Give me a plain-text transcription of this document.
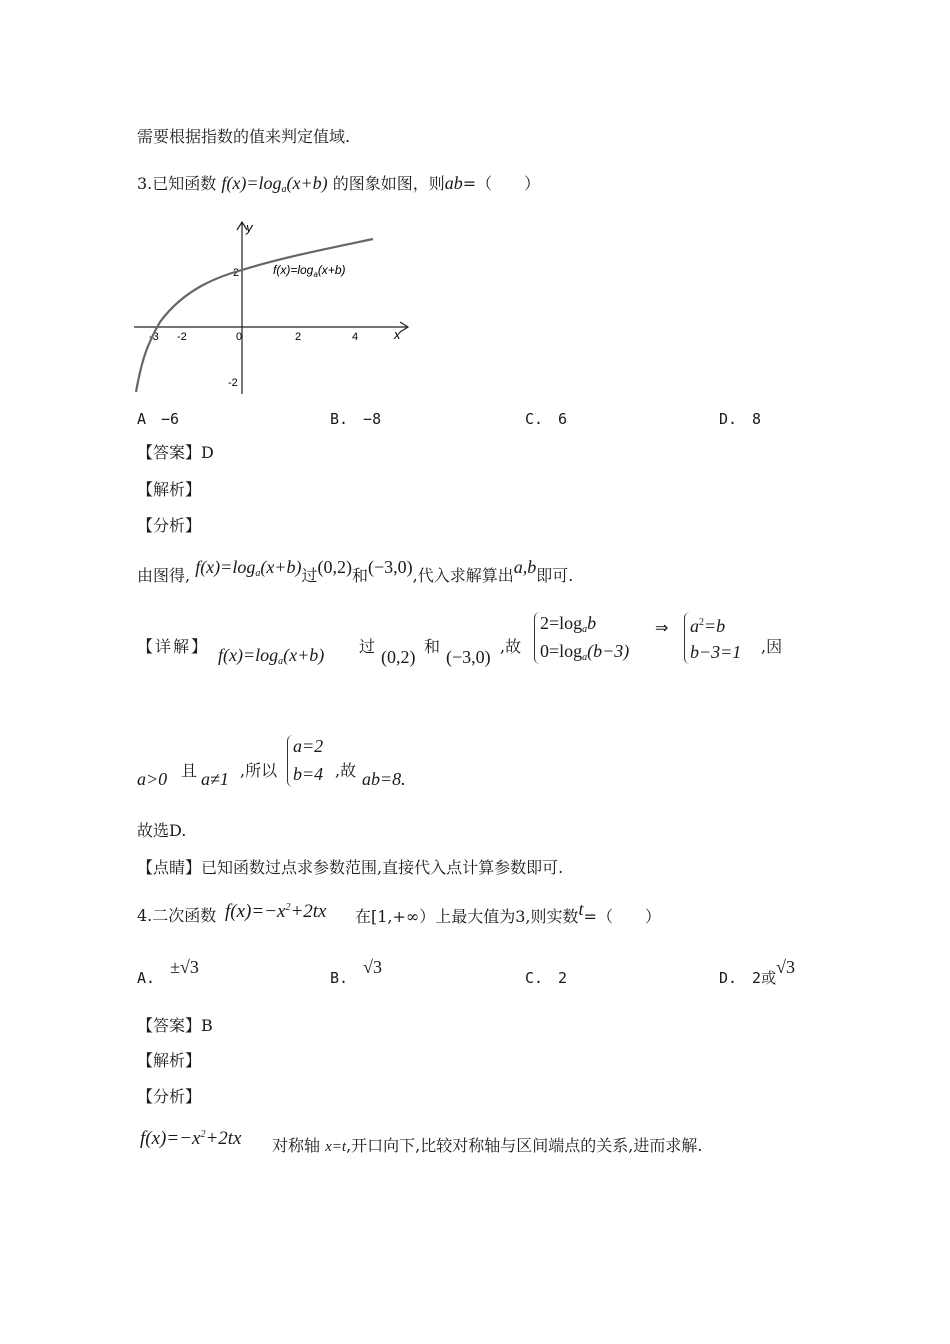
需要根据指数的值来判定值域.
3.已知函数 $f(x)=\log_a(x+b)$ 的图象如图，则ab=（　　）
y
x
-3 -2	0	2	4
2
-2
$f(x)=\log_a(x+b)$
A　−6	B.　−8	C.　6	D.　8
【答案】D
【解析】
【分析】
由图得, $f(x)=\log_a(x+b)$过(0,2)和(−3,0),代入求解算出a,b即可.
【详解】 $f(x)=\log_a(x+b)$ 过
(0,2)
和
(−3,0)
,故
$2=\log_ab$
$0=\log_a(b-3)$
⇒ $a^2=b$
b−3=1 ,因
a>0 且 a≠1 ,所以
a=2
b=4 ,故 ab=8.
故选D.
【点睛】已知函数过点求参数范围,直接代入点计算参数即可.
4.二次函数 $f(x)=-x^2+2tx$ 在[1,+∞）上最大值为3,则实数t=（　　）
A.　±√3
B.　√3
C.　2	D.　2或√3
【答案】B
【解析】
【分析】
$f(x)=-x^2+2tx$ 对称轴 x=t,开口向下,比较对称轴与区间端点的关系,进而求解.
